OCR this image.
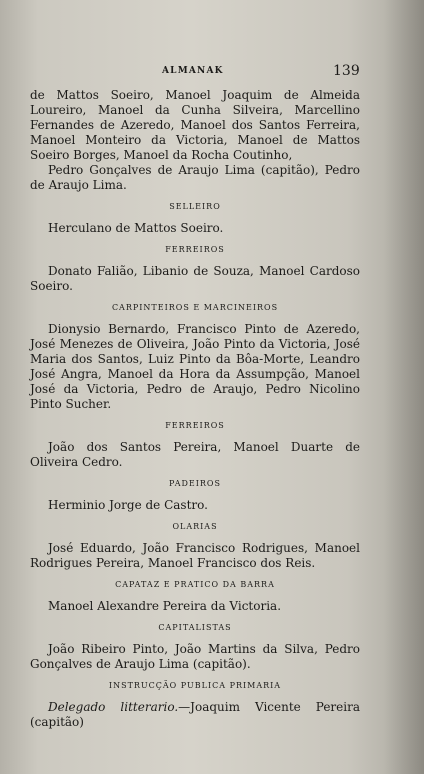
ALMANAK	139

de Mattos Soeiro, Manoel Joaquim de Almeida Loureiro, Manoel da Cunha Silveira, Marcellino Fernandes de Azeredo, Manoel dos Santos Ferreira, Manoel Monteiro da Victoria, Manoel de Mattos Soeiro Borges, Manoel da Rocha Coutinho,

Pedro Gonçalves de Araujo Lima (capitão), Pedro de Araujo Lima.

SELLEIRO

Herculano de Mattos Soeiro.

FERREIROS

Donato Falião, Libanio de Souza, Manoel Cardoso Soeiro.

CARPINTEIROS E MARCINEIROS

Dionysio Bernardo, Francisco Pinto de Azeredo, José Menezes de Oliveira, João Pinto da Victoria, José Maria dos Santos, Luiz Pinto da Bôa-Morte, Leandro José Angra, Manoel da Hora da Assumpção, Manoel José da Victoria, Pedro de Araujo, Pedro Nicolino Pinto Sucher.

FERREIROS

João dos Santos Pereira, Manoel Duarte de Oliveira Cedro.

PADEIROS

Herminio Jorge de Castro.

OLARIAS

José Eduardo, João Francisco Rodrigues, Manoel Rodrigues Pereira, Manoel Francisco dos Reis.

CAPATAZ E PRATICO DA BARRA

Manoel Alexandre Pereira da Victoria.

CAPITALISTAS

João Ribeiro Pinto, João Martins da Silva, Pedro Gonçalves de Araujo Lima (capitão).

INSTRUCÇÃO PUBLICA PRIMARIA

Delegado litterario.—Joaquim Vicente Pereira (capitão)
